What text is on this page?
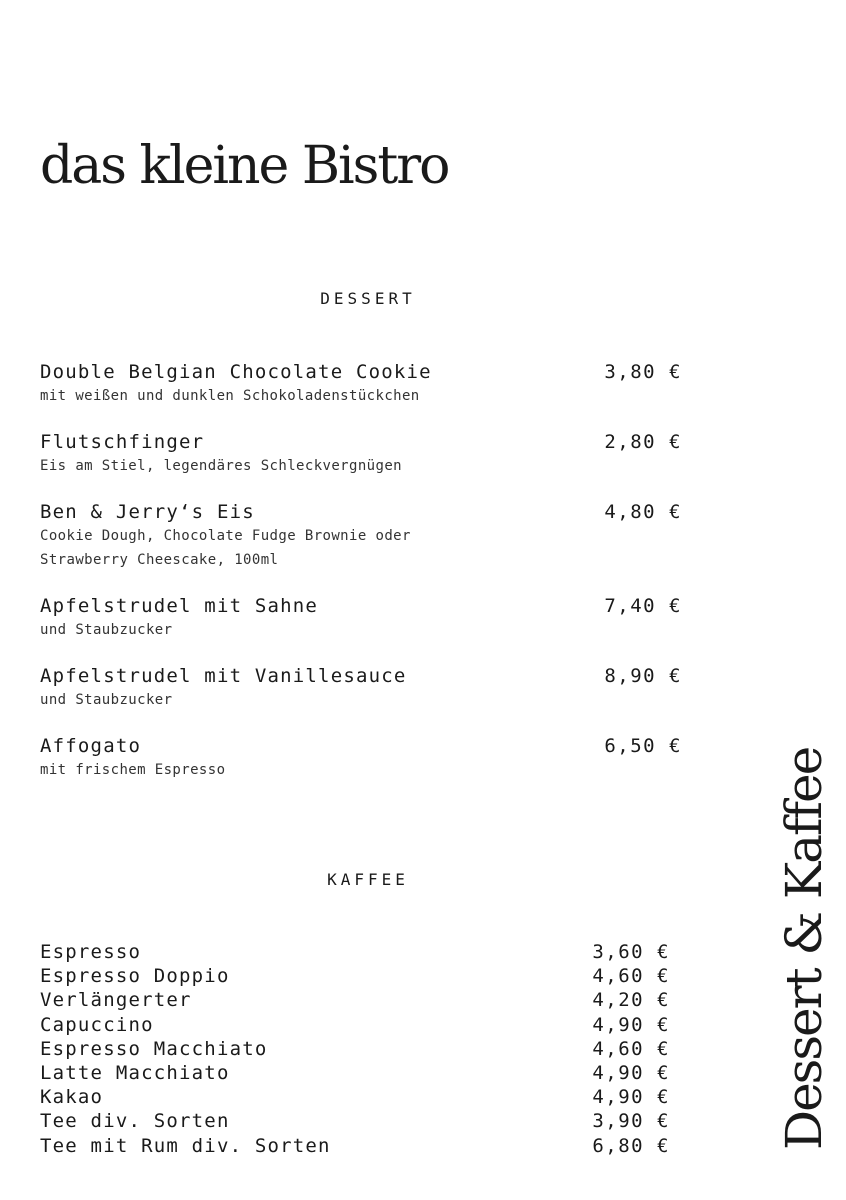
das kleine Bistro
DESSERT
Double Belgian Chocolate Cookie	3,80 €
mit weißen und dunklen Schokoladenstückchen
Flutschfinger	2,80 €
Eis am Stiel, legendäres Schleckvergnügen
Ben & Jerry‘s Eis	4,80 €
Cookie Dough, Chocolate Fudge Brownie oder
Strawberry Cheescake, 100ml
Apfelstrudel mit Sahne	7,40 €
und Staubzucker
Apfelstrudel mit Vanillesauce	8,90 €
und Staubzucker
Affogato	6,50 €
mit frischem Espresso
KAFFEE
Espresso	3,60 €
Espresso Doppio	4,60 €
Verlängerter	4,20 €
Capuccino	4,90 €
Espresso Macchiato	4,60 €
Latte Macchiato	4,90 €
Kakao	4,90 €
Tee div. Sorten	3,90 €
Tee mit Rum div. Sorten	6,80 € Dessert & Kaffee
